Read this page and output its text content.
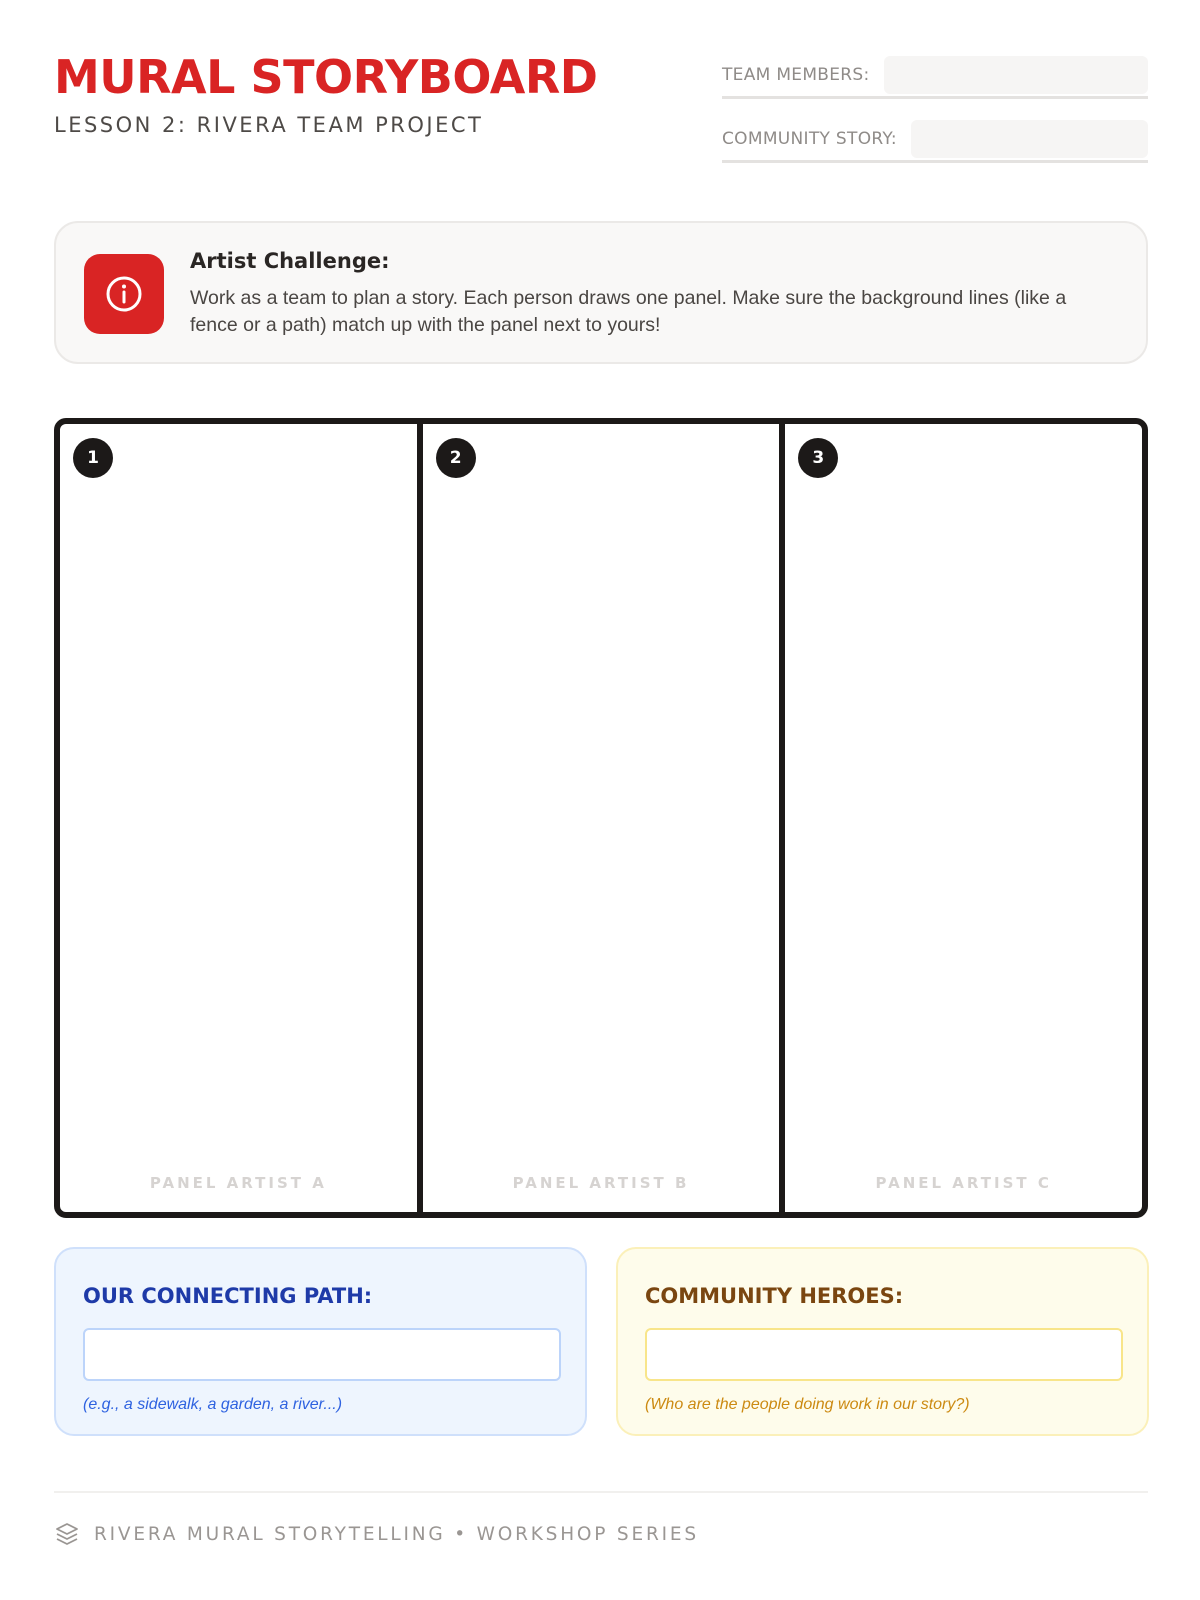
MURAL STORYBOARD
LESSON 2: RIVERA TEAM PROJECT
TEAM MEMBERS:
COMMUNITY STORY:
Artist Challenge:

Work as a team to plan a story. Each person draws one panel. Make sure the background lines (like a fence or a path) match up with the panel next to yours!

1
PANEL ARTIST A
2
PANEL ARTIST B
3
PANEL ARTIST C
OUR CONNECTING PATH:
(e.g., a sidewalk, a garden, a river...)
COMMUNITY HEROES:
(Who are the people doing work in our story?)
RIVERA MURAL STORYTELLING • WORKSHOP SERIES
